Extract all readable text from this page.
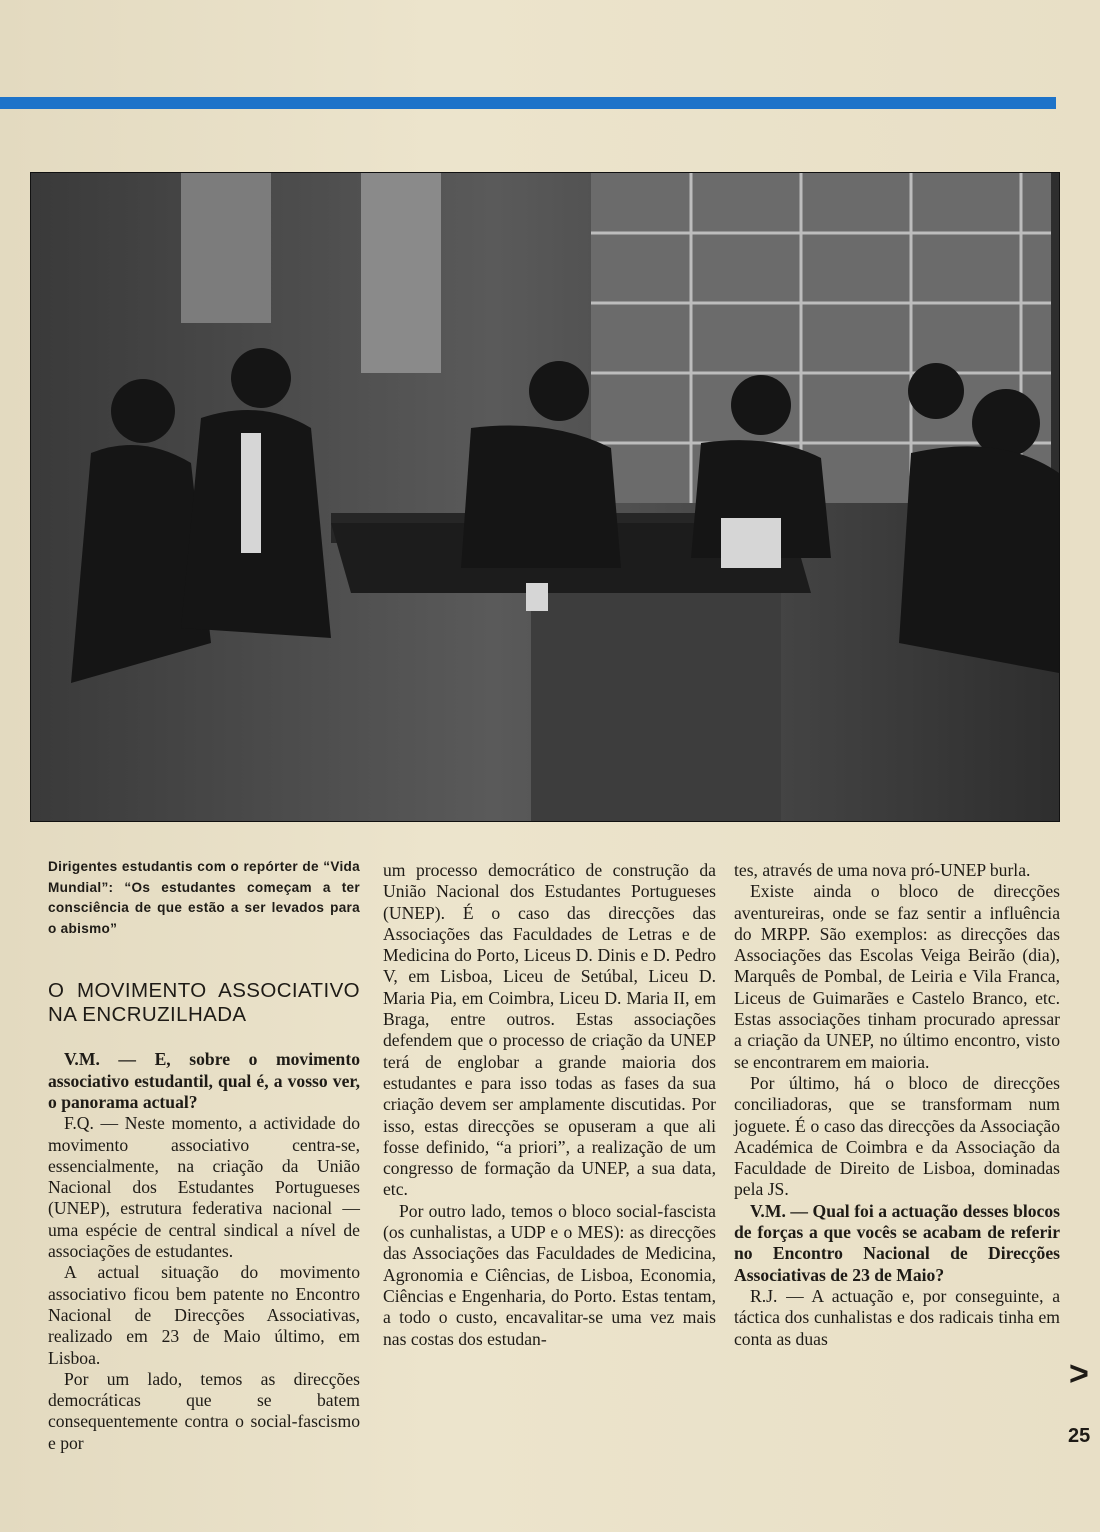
Dirigentes estudantis com o repórter de “Vida Mundial”: “Os estudantes começam a ter consciência de que estão a ser levados para o abismo”

O MOVIMENTO ASSOCIATIVO NA ENCRUZILHADA

V.M. — E, sobre o movimento associativo estudantil, qual é, a vosso ver, o panorama actual?

F.Q. — Neste momento, a actividade do movimento associativo centra-se, essencialmente, na criação da União Nacional dos Estudantes Portugueses (UNEP), estrutura federativa nacional — uma espécie de central sindical a nível de associações de estudantes.

A actual situação do movimento associativo ficou bem patente no Encontro Nacional de Direcções Associativas, realizado em 23 de Maio último, em Lisboa.

Por um lado, temos as direcções democráticas que se batem consequentemente contra o social-fascismo e por

um processo democrático de construção da União Nacional dos Estudantes Portugueses (UNEP). É o caso das direcções das Associações das Faculdades de Letras e de Medicina do Porto, Liceus D. Dinis e D. Pedro V, em Lisboa, Liceu de Setúbal, Liceu D. Maria Pia, em Coimbra, Liceu D. Maria II, em Braga, entre outros. Estas associações defendem que o processo de criação da UNEP terá de englobar a grande maioria dos estudantes e para isso todas as fases da sua criação devem ser amplamente discutidas. Por isso, estas direcções se opuseram a que ali fosse definido, “a priori”, a realização de um congresso de formação da UNEP, a sua data, etc.

Por outro lado, temos o bloco social-fascista (os cunhalistas, a UDP e o MES): as direcções das Associações das Faculdades de Medicina, Agronomia e Ciências, de Lisboa, Economia, Ciências e Engenharia, do Porto. Estas tentam, a todo o custo, encavalitar-se uma vez mais nas costas dos estudan-

tes, através de uma nova pró-UNEP burla.

Existe ainda o bloco de direcções aventureiras, onde se faz sentir a influência do MRPP. São exemplos: as direcções das Associações das Escolas Veiga Beirão (dia), Marquês de Pombal, de Leiria e Vila Franca, Liceus de Guimarães e Castelo Branco, etc. Estas associações tinham procurado apressar a criação da UNEP, no último encontro, visto se encontrarem em maioria.

Por último, há o bloco de direcções conciliadoras, que se transformam num joguete. É o caso das direcções da Associação Académica de Coimbra e da Associação da Faculdade de Direito de Lisboa, dominadas pela JS.

V.M. — Qual foi a actuação desses blocos de forças a que vocês se acabam de referir no Encontro Nacional de Direcções Associativas de 23 de Maio?

R.J. — A actuação e, por conseguinte, a táctica dos cunhalistas e dos radicais tinha em conta as duas

>
25
